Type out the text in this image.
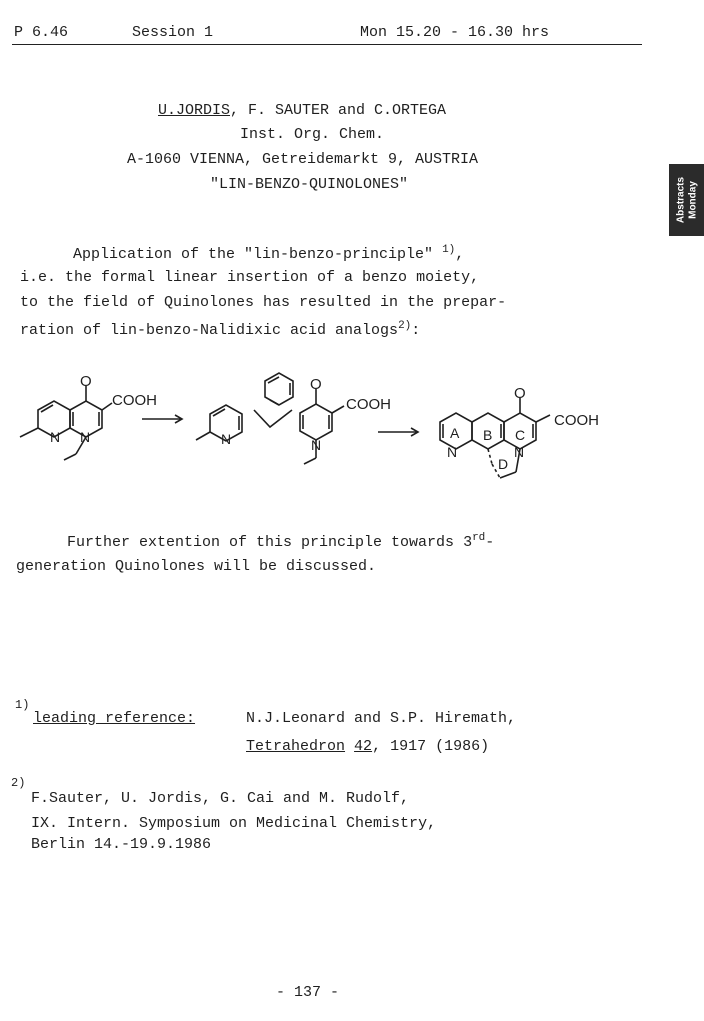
P 6.46	Session 1	Mon 15.20 - 16.30 hrs
Abstracts Monday
U.JORDIS, F. SAUTER and C.ORTEGA
Inst. Org. Chem.
A-1060 VIENNA, Getreidemarkt 9, AUSTRIA
"LIN-BENZO-QUINOLONES"
Application of the "lin-benzo-principle" $^{1)}$,
i.e. the formal linear insertion of a benzo moiety,
to the field of Quinolones has resulted in the prepar-
ration of lin-benzo-Nalidixic acid analogs$^{2)}$:
N N
O
COOH
N	N
O
COOH
A B C
D
N	N
O
COOH
Further extention of this principle towards 3rd-
generation Quinolones will be discussed.
1)
leading reference:	N.J.Leonard and S.P. Hiremath,
Tetrahedron 42, 1917 (1986)
2)
F.Sauter, U. Jordis, G. Cai and M. Rudolf,
IX. Intern. Symposium on Medicinal Chemistry,
Berlin 14.-19.9.1986
- 137 -
